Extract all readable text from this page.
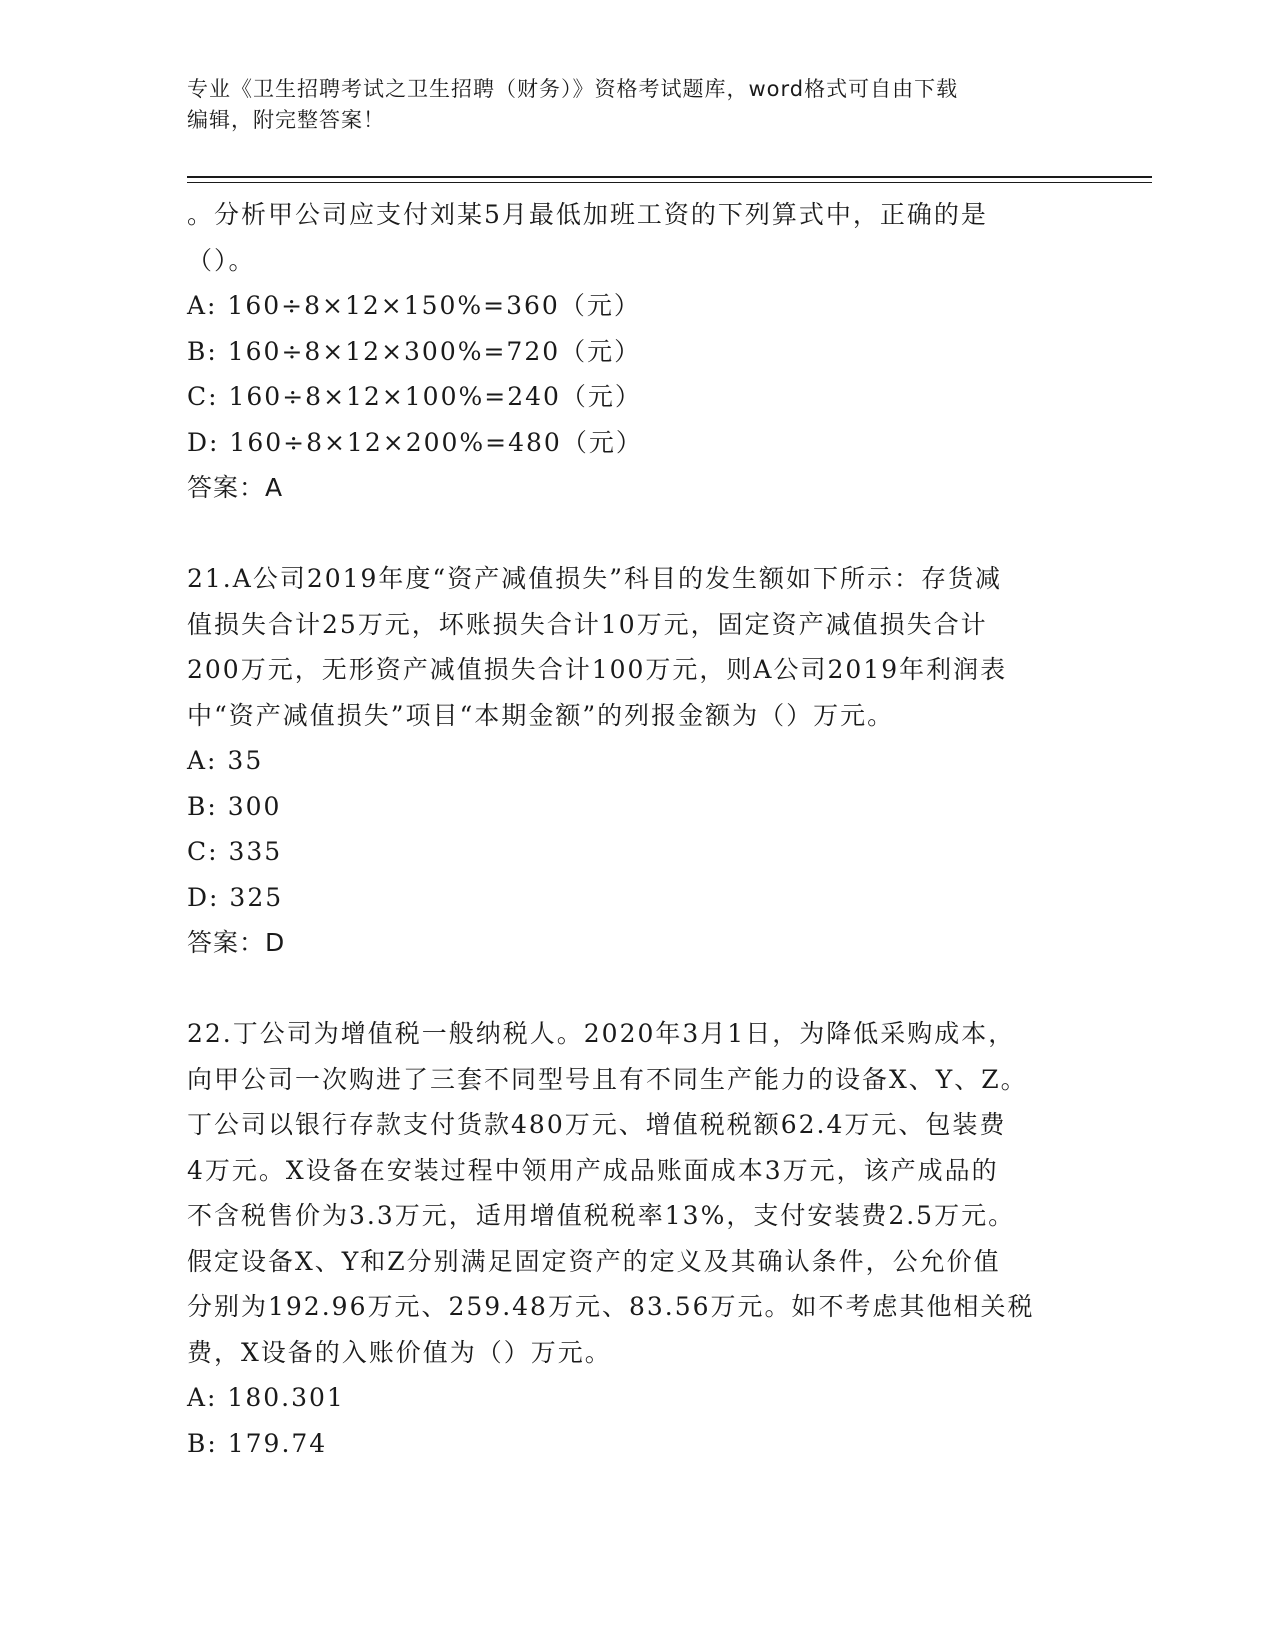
专业《卫生招聘考试之卫生招聘（财务）》资格考试题库，word格式可自由下载
编辑，附完整答案！

。分析甲公司应支付刘某5月最低加班工资的下列算式中，正确的是

（）。

A: 160÷8×12×150%=360（元）

B: 160÷8×12×300%=720（元）

C: 160÷8×12×100%=240（元）

D: 160÷8×12×200%=480（元）

答案：A

21.A公司2019年度“资产减值损失”科目的发生额如下所示：存货减

值损失合计25万元，坏账损失合计10万元，固定资产减值损失合计

200万元，无形资产减值损失合计100万元，则A公司2019年利润表

中“资产减值损失”项目“本期金额”的列报金额为（）万元。

A: 35

B: 300

C: 335

D: 325

答案：D

22.丁公司为增值税一般纳税人。2020年3月1日，为降低采购成本，

向甲公司一次购进了三套不同型号且有不同生产能力的设备X、Y、Z。

丁公司以银行存款支付货款480万元、增值税税额62.4万元、包装费

4万元。X设备在安装过程中领用产成品账面成本3万元，该产成品的

不含税售价为3.3万元，适用增值税税率13%，支付安装费2.5万元。

假定设备X、Y和Z分别满足固定资产的定义及其确认条件，公允价值

分别为192.96万元、259.48万元、83.56万元。如不考虑其他相关税

费，X设备的入账价值为（）万元。

A: 180.301

B: 179.74
